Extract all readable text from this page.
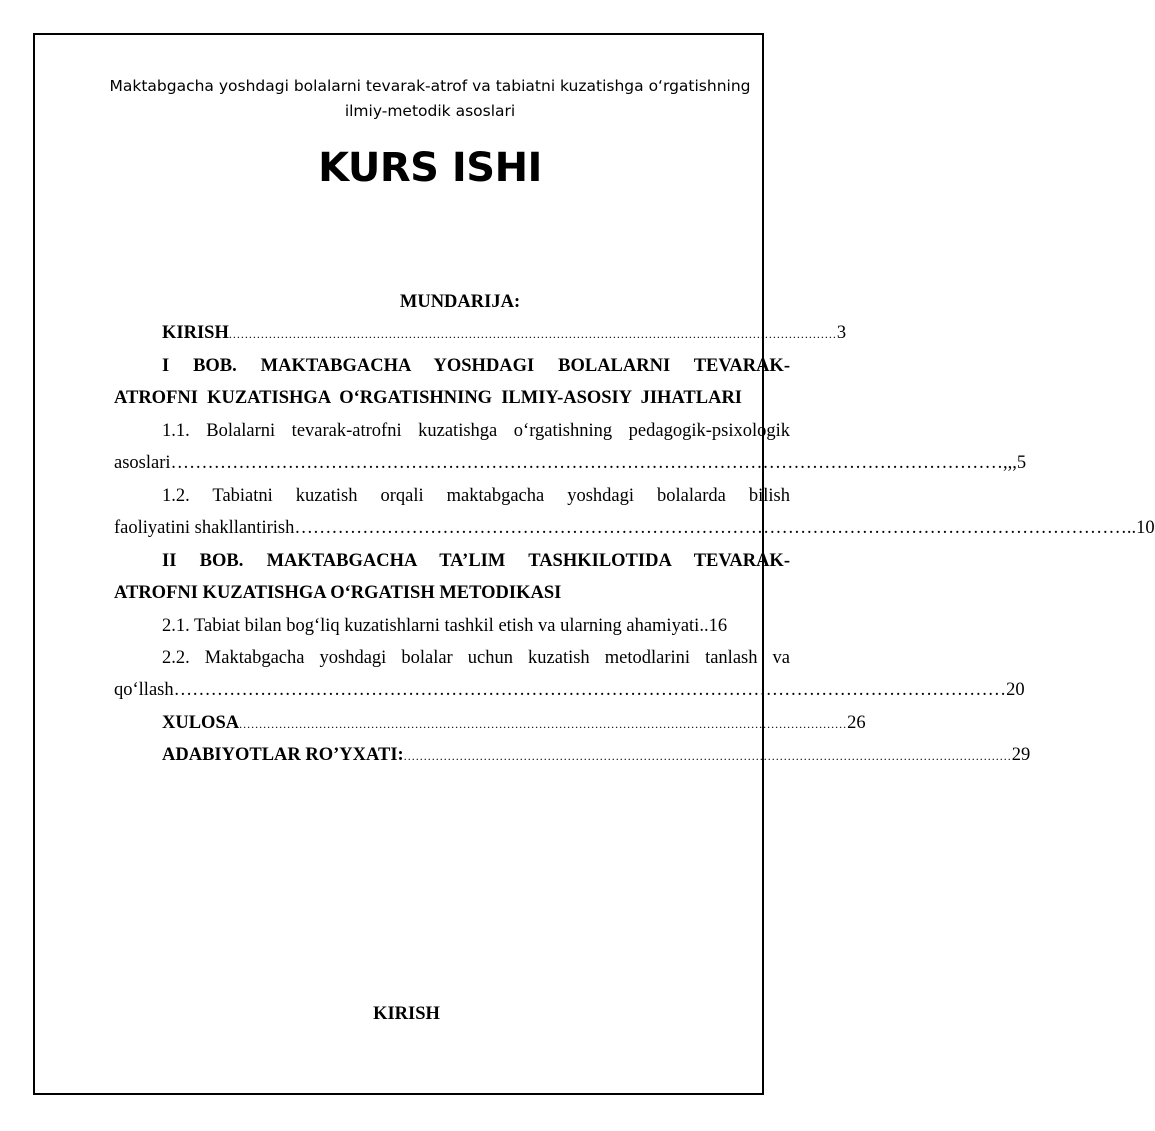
Maktabgacha yoshdagi bolalarni tevarak-atrof va tabiatni kuzatishga o‘rgatishning
ilmiy-metodik asoslari
KURS ISHI
MUNDARIJA:
KIRISH ........................................................................................................................................................ 3
I BOB. MAKTABGACHA YOSHDAGI BOLALARNI TEVARAK-
ATROFNI KUZATISHGA O‘RGATISHNING ILMIY-ASOSIY JIHATLARI
1.1. Bolalarni tevarak-atrofni kuzatishga o‘rgatishning pedagogik-psixologik
asoslari ……………………………………………………………………………………………………………………… ,,,5
1.2. Tabiatni kuzatish orqali maktabgacha yoshdagi bolalarda bilish
faoliyatini shakllantirish ……………………………………………………………………………………………………………………… ..10
II BOB. MAKTABGACHA TA’LIM TASHKILOTIDA TEVARAK-
ATROFNI KUZATISHGA O‘RGATISH METODIKASI
2.1. Tabiat bilan bog‘liq kuzatishlarni tashkil etish va ularning ahamiyati.. 16
2.2. Maktabgacha yoshdagi bolalar uchun kuzatish metodlarini tanlash va
qo‘llash ……………………………………………………………………………………………………………………… 20
XULOSA ........................................................................................................................................................ 26
ADABIYOTLAR RO’YXATI: ........................................................................................................................................................ 29
KIRISH
